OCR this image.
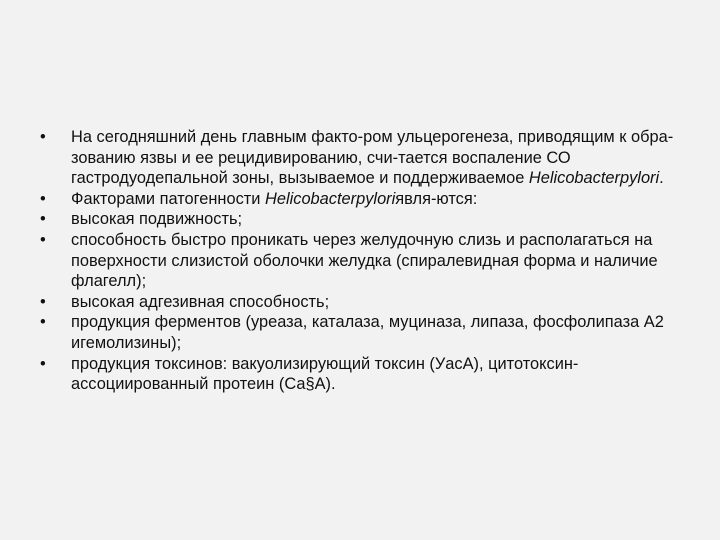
•	На сегодняшний день главным факто-ром ульцерогенеза, приводящим к обра-зованию язвы и ее рецидивированию, счи-тается воспаление СО гастродуодепальной зоны, вызываемое и поддерживаемое Helicobacterpylori.
•	Факторами патогенности Helicobacterpyloriявля-ются:
•	высокая подвижность;
•	способность быстро проникать через желудочную слизь и располагаться на поверхности слизистой оболочки желудка (спиралевидная форма и наличие флагелл);
•	высокая адгезивная способность;
•	продукция ферментов (уреаза, каталаза, муциназа, липаза, фосфолипаза А2 игемолизины);
•	продукция токсинов: вакуолизирующий токсин (УасА), цитотоксин-ассоциированный протеин (Са§А).
